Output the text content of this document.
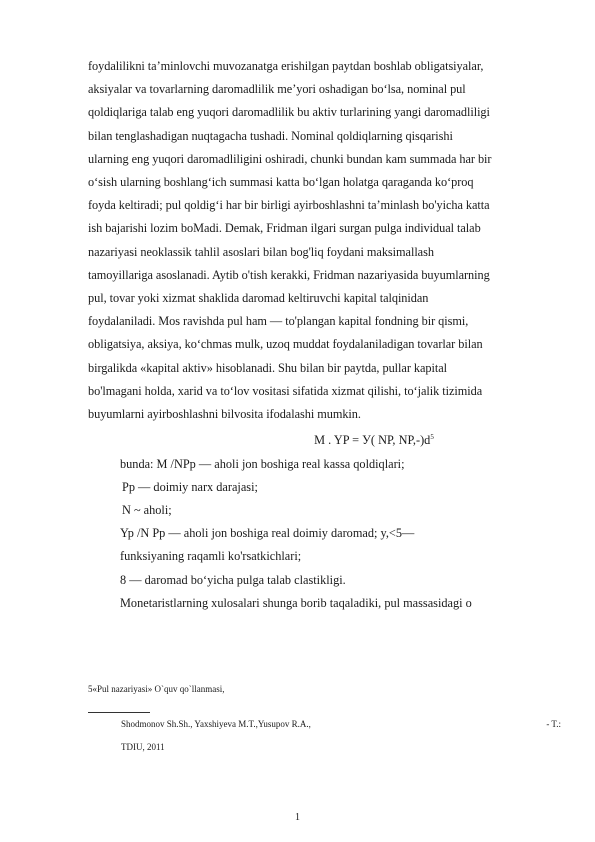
foydalilikni ta’minlovchi muvozanatga erishilgan paytdan boshlab obligatsiyalar,
aksiyalar va tovarlarning daromadlilik me’yori oshadigan bo‘lsa, nominal pul
qoldiqlariga talab eng yuqori daromadlilik bu aktiv turlarining yangi daromadliligi
bilan tenglashadigan nuqtagacha tushadi. Nominal qoldiqlarning qisqarishi
ularning eng yuqori daromadliligini oshiradi, chunki bundan kam summada har bir
o‘sish ularning boshlang‘ich summasi katta bo‘lgan holatga qaraganda ko‘proq
foyda keltiradi; pul qoldig‘i har bir birligi ayirboshlashni ta’minlash bo'yicha katta
ish bajarishi lozim boMadi. Demak, Fridman ilgari surgan pulga individual talab
nazariyasi neoklassik tahlil asoslari bilan bog'liq foydani maksimallash
tamoyillariga asoslanadi. Aytib o'tish kerakki, Fridman nazariyasida buyumlarning
pul, tovar yoki xizmat shaklida daromad keltiruvchi kapital talqinidan
foydalaniladi. Mos ravishda pul ham — to'plangan kapital fondning bir qismi,
obligatsiya, aksiya, ko‘chmas mulk, uzoq muddat foydalaniladigan tovarlar bilan
birgalikda «kapital aktiv» hisoblanadi. Shu bilan bir paytda, pullar kapital
bo'lmagani holda, xarid va to‘lov vositasi sifatida xizmat qilishi, to‘jalik tizimida
buyumlarni ayirboshlashni bilvosita ifodalashi mumkin.
M . YP = У( NP, $NP,-)d^5$
bunda: M /NPp — aholi jon boshiga real kassa qoldiqlari;
Pp — doimiy narx darajasi;
N ~ aholi;
Yp /N Pp — aholi jon boshiga real doimiy daromad; y,<5—
funksiyaning raqamli ko'rsatkichlari;
8 — daromad bo‘yicha pulga talab clastikligi.
Monetaristlarning xulosalari shunga borib taqaladiki, pul massasidagi o
5«Pul nazariyasi» O`quv qo`llanmasi,
Shodmonov Sh.Sh., Yaxshiyeva M.T.,Yusupov R.A.,	- T.:
TDIU, 2011
1
